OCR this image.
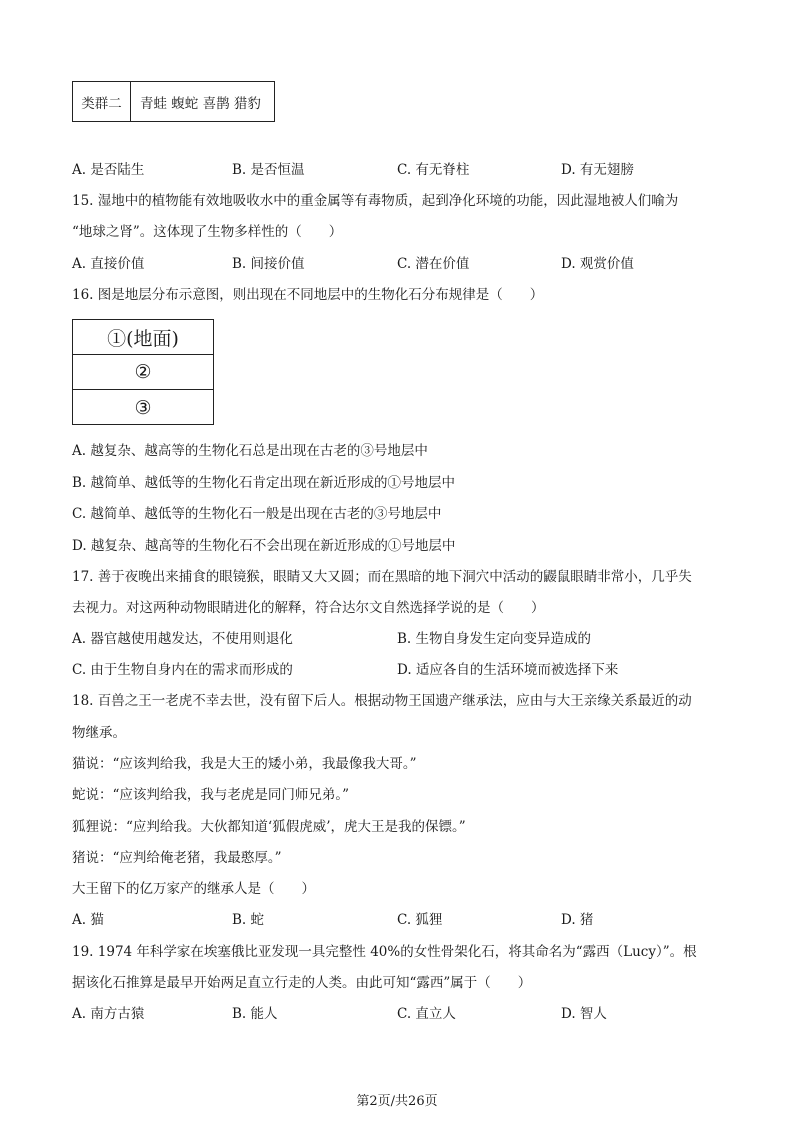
类群二	青蛙 蝮蛇 喜鹊 猎豹
A. 是否陆生	B. 是否恒温	C. 有无脊柱	D. 有无翅膀
15. 湿地中的植物能有效地吸收水中的重金属等有毒物质，起到净化环境的功能，因此湿地被人们喻为
“地球之肾”。这体现了生物多样性的（　　）
A. 直接价值	B. 间接价值	C. 潜在价值	D. 观赏价值
16. 图是地层分布示意图，则出现在不同地层中的生物化石分布规律是（　　）
①(地面)
②
③
A. 越复杂、越高等的生物化石总是出现在古老的③号地层中
B. 越简单、越低等的生物化石肯定出现在新近形成的①号地层中
C. 越简单、越低等的生物化石一般是出现在古老的③号地层中
D. 越复杂、越高等的生物化石不会出现在新近形成的①号地层中
17. 善于夜晚出来捕食的眼镜猴，眼睛又大又圆；而在黑暗的地下洞穴中活动的鼹鼠眼睛非常小，几乎失
去视力。对这两种动物眼睛进化的解释，符合达尔文自然选择学说的是（　　）
A. 器官越使用越发达，不使用则退化	B. 生物自身发生定向变异造成的
C. 由于生物自身内在的需求而形成的	D. 适应各自的生活环境而被选择下来
18. 百兽之王一老虎不幸去世，没有留下后人。根据动物王国遗产继承法，应由与大王亲缘关系最近的动
物继承。
猫说：“应该判给我，我是大王的矮小弟，我最像我大哥。”
蛇说：“应该判给我，我与老虎是同门师兄弟。”
狐狸说：“应判给我。大伙都知道‘狐假虎威’，虎大王是我的保镖。”
猪说：“应判给俺老猪，我最憨厚。”
大王留下的亿万家产的继承人是（　　）
A. 猫	B. 蛇	C. 狐狸	D. 猪
19. 1974 年科学家在埃塞俄比亚发现一具完整性 40%的女性骨架化石，将其命名为“露西（Lucy）”。根
据该化石推算是最早开始两足直立行走的人类。由此可知“露西”属于（　　）
A. 南方古猿	B. 能人	C. 直立人	D. 智人
第2页/共26页
